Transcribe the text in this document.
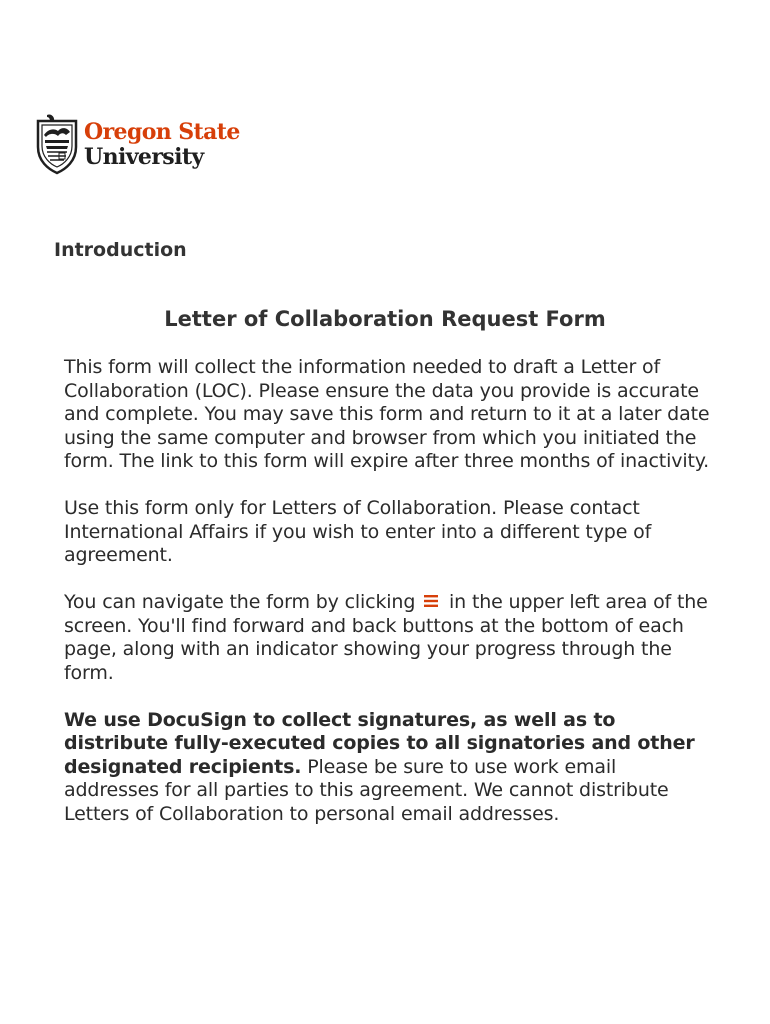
Oregon State
University
Introduction
Letter of Collaboration Request Form

This form will collect the information needed to draft a Letter of Collaboration (LOC). Please ensure the data you provide is accurate and complete. You may save this form and return to it at a later date using the same computer and browser from which you initiated the form. The link to this form will expire after three months of inactivity.

Use this form only for Letters of Collaboration. Please contact International Affairs if you wish to enter into a different type of agreement.

You can navigate the form by clicking in the upper left area of the screen. You'll find forward and back buttons at the bottom of each page, along with an indicator showing your progress through the form.

We use DocuSign to collect signatures, as well as to distribute fully-executed copies to all signatories and other designated recipients. Please be sure to use work email addresses for all parties to this agreement. We cannot distribute Letters of Collaboration to personal email addresses.
